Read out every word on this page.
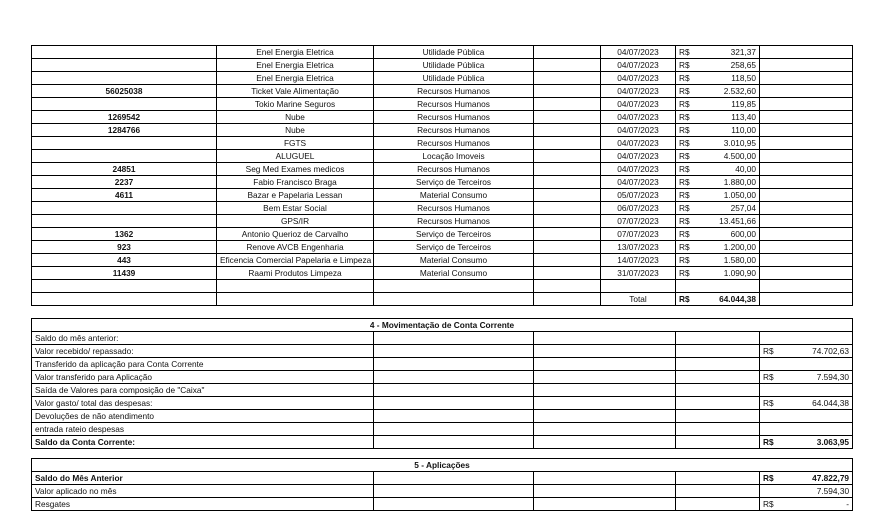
	Enel Energia Eletrica	Utilidade Pública		04/07/2023	R$	321,37	
	Enel Energia Eletrica	Utilidade Pública		04/07/2023	R$	258,65	
	Enel Energia Eletrica	Utilidade Pública		04/07/2023	R$	118,50	
56025038	Ticket Vale Alimentação	Recursos Humanos		04/07/2023	R$	2.532,60	
	Tokio Marine Seguros	Recursos Humanos		04/07/2023	R$	119,85	
1269542	Nube	Recursos Humanos		04/07/2023	R$	113,40	
1284766	Nube	Recursos Humanos		04/07/2023	R$	110,00	
	FGTS	Recursos Humanos		04/07/2023	R$	3.010,95	
	ALUGUEL	Locação Imoveis		04/07/2023	R$	4.500,00	
24851	Seg Med Exames medicos	Recursos Humanos		04/07/2023	R$	40,00	
2237	Fabio Francisco Braga	Serviço de Terceiros		04/07/2023	R$	1.880,00	
4611	Bazar e Papelaria Lessan	Material Consumo		05/07/2023	R$	1.050,00	
	Bem Estar Social	Recursos Humanos		06/07/2023	R$	257,04	
	GPS/IR	Recursos Humanos		07/07/2023	R$	13.451,66	
1362	Antonio Querioz de Carvalho	Serviço de Terceiros		07/07/2023	R$	600,00	
923	Renove AVCB Engenharia	Serviço de Terceiros		13/07/2023	R$	1.200,00	
443	Eficencia Comercial Papelaria e Limpeza	Material Consumo		14/07/2023	R$	1.580,00	
11439	Raami Produtos Limpeza	Material Consumo		31/07/2023	R$	1.090,90	

				Total	R$	64.044,38	
4 - Movimentação de Conta Corrente					
Saldo do mês anterior:					
Valor recebido/ repassado:				R$	74.702,63
Transferido da aplicação para Conta Corrente					
Valor transferido para Aplicação				R$	7.594,30
Saída de Valores para composição de "Caixa"					
Valor gasto/ total das despesas:				R$	64.044,38
Devoluções de não atendimento					
entrada rateio despesas					
Saldo da Conta Corrente:				R$	3.063,95
5 - Aplicações					
Saldo do Mês Anterior				R$	47.822,79
Valor aplicado no mês					7.594,30
Resgates				R$	-
